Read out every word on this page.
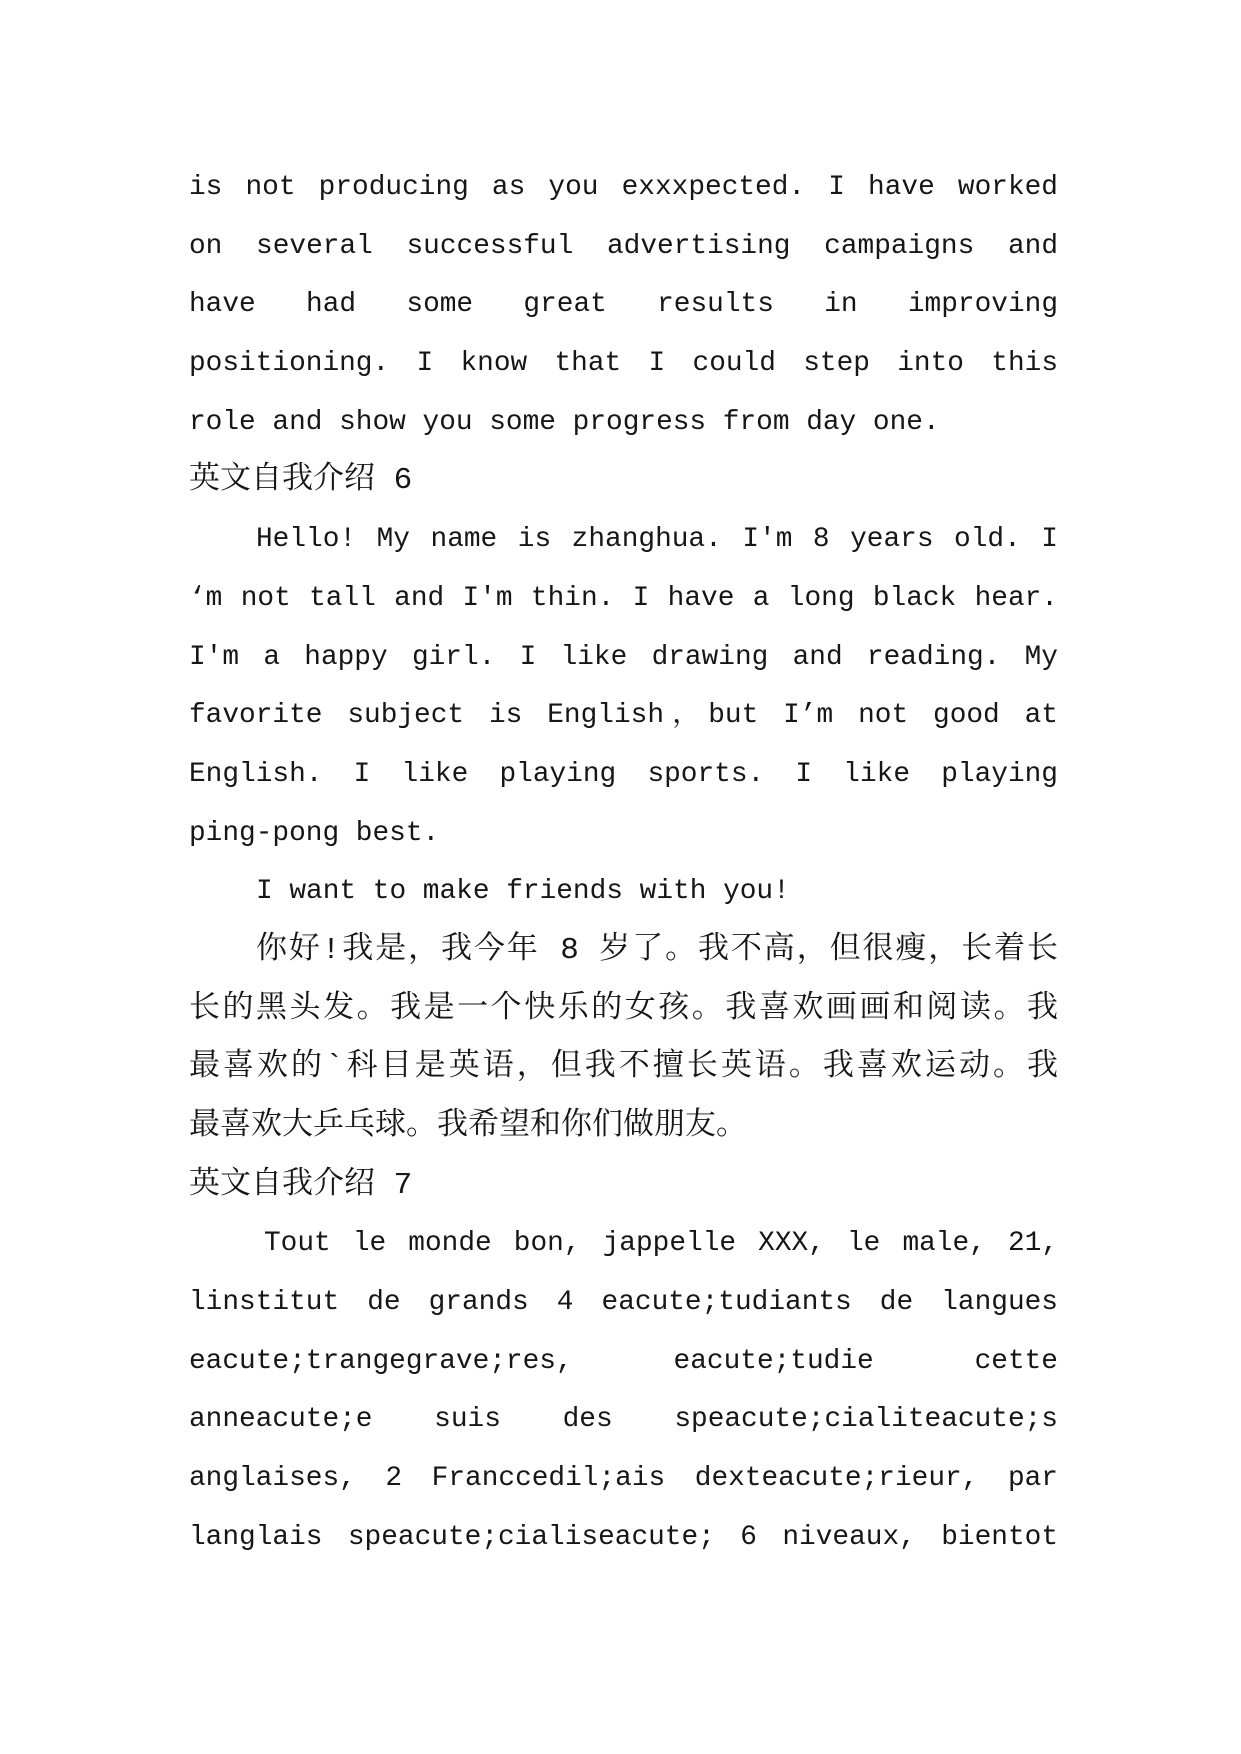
is not producing as you exxxpected. I have worked
on several successful advertising campaigns and
have had some great results in improving
positioning. I know that I could step into this
role and show you some progress from day one.
英文自我介绍 6
Hello! My name is zhanghua. I'm 8 years old. I
‘m not tall and I'm thin. I have a long black hear.
I'm a happy girl. I like drawing and reading. My
favorite subject is English，but I’m not good at
English. I like playing sports. I like playing
ping-pong best.
I want to make friends with you!
你好!我是，我今年 8 岁了。我不高，但很瘦，长着长
长的黑头发。我是一个快乐的女孩。我喜欢画画和阅读。我
最喜欢的`科目是英语，但我不擅长英语。我喜欢运动。我
最喜欢大乒乓球。我希望和你们做朋友。
英文自我介绍 7
Tout le monde bon, jappelle XXX, le male, 21,
linstitut de grands 4 eacute;tudiants de langues
eacute;trangegrave;res, eacute;tudie cette
anneacute;e suis des speacute;cialiteacute;s
anglaises, 2 Franccedil;ais dexteacute;rieur, par
langlais speacute;cialiseacute; 6 niveaux, bientot
